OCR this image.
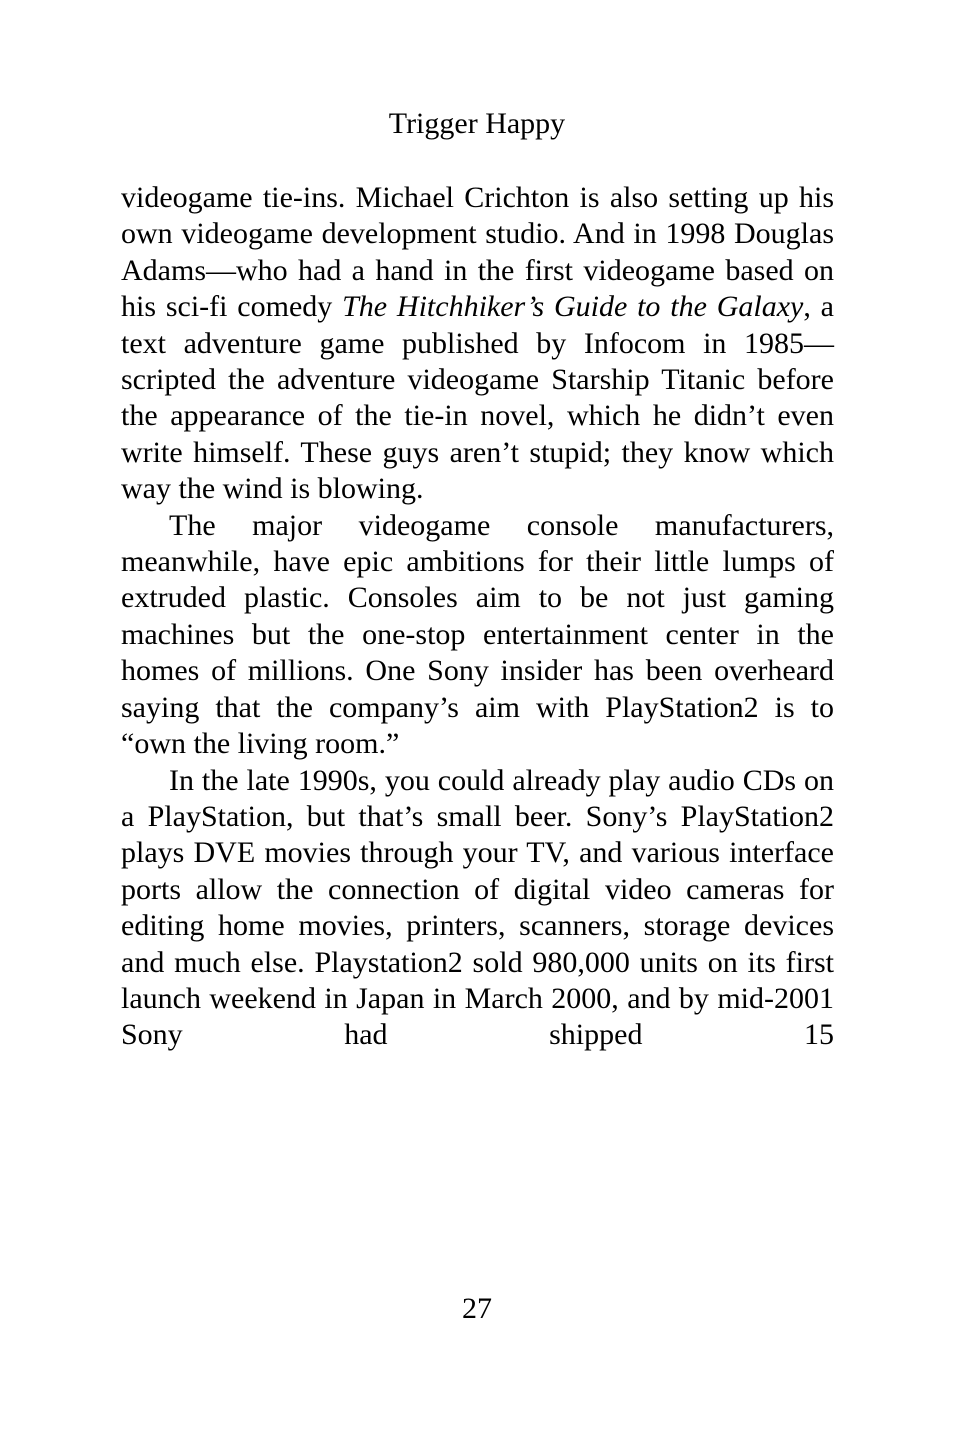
Trigger Happy

videogame tie-ins. Michael Crichton is also setting up his own videogame development studio. And in 1998 Douglas Adams—who had a hand in the first videogame based on his sci-fi comedy The Hitchhiker’s Guide to the Galaxy, a text adventure game published by Infocom in 1985—scripted the adventure videogame Starship Titanic before the appearance of the tie-in novel, which he didn’t even write himself. These guys aren’t stupid; they know which way the wind is blowing.

The major videogame console manufacturers, meanwhile, have epic ambitions for their little lumps of extruded plastic. Consoles aim to be not just gaming machines but the one-stop entertainment center in the homes of millions. One Sony insider has been overheard saying that the company’s aim with PlayStation2 is to “own the living room.”

In the late 1990s, you could already play audio CDs on a PlayStation, but that’s small beer. Sony’s PlayStation2 plays DVE movies through your TV, and various interface ports allow the connection of digital video cameras for editing home movies, printers, scanners, storage devices and much else. Playstation2 sold 980,000 units on its first launch weekend in Japan in March 2000, and by mid-2001 Sony had shipped 15

27
